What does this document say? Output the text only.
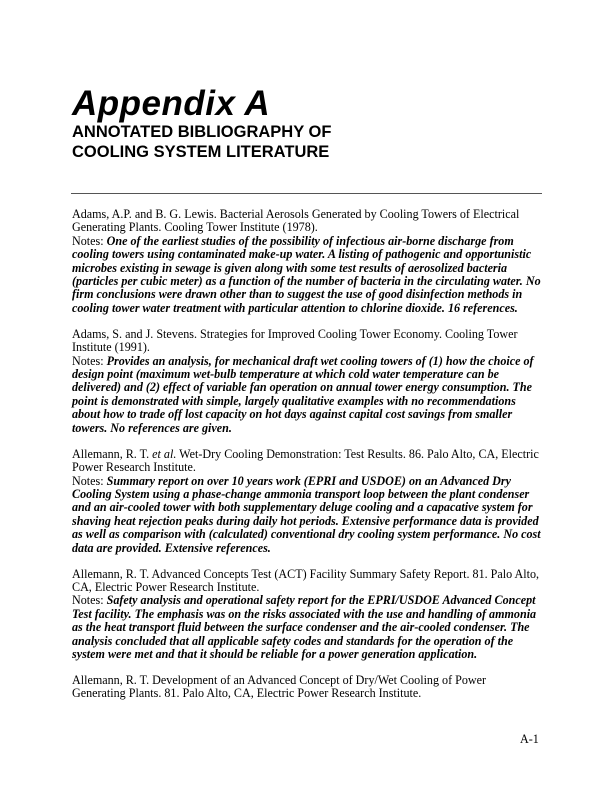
Appendix A
ANNOTATED BIBLIOGRAPHY OF
COOLING SYSTEM LITERATURE
Adams, A.P. and B. G. Lewis. Bacterial Aerosols Generated by Cooling Towers of Electrical
Generating Plants. Cooling Tower Institute (1978).
Notes: One of the earliest studies of the possibility of infectious air-borne discharge from
cooling towers using contaminated make-up water. A listing of pathogenic and opportunistic
microbes existing in sewage is given along with some test results of aerosolized bacteria
(particles per cubic meter) as a function of the number of bacteria in the circulating water. No
firm conclusions were drawn other than to suggest the use of good disinfection methods in
cooling tower water treatment with particular attention to chlorine dioxide. 16 references.
Adams, S. and J. Stevens. Strategies for Improved Cooling Tower Economy. Cooling Tower
Institute (1991).
Notes: Provides an analysis, for mechanical draft wet cooling towers of (1) how the choice of
design point (maximum wet-bulb temperature at which cold water temperature can be
delivered) and (2) effect of variable fan operation on annual tower energy consumption. The
point is demonstrated with simple, largely qualitative examples with no recommendations
about how to trade off lost capacity on hot days against capital cost savings from smaller
towers. No references are given.
Allemann, R. T. et al. Wet-Dry Cooling Demonstration: Test Results. 86. Palo Alto, CA, Electric
Power Research Institute.
Notes: Summary report on over 10 years work (EPRI and USDOE) on an Advanced Dry
Cooling System using a phase-change ammonia transport loop between the plant condenser
and an air-cooled tower with both supplementary deluge cooling and a capacative system for
shaving heat rejection peaks during daily hot periods. Extensive performance data is provided
as well as comparison with (calculated) conventional dry cooling system performance. No cost
data are provided. Extensive references.
Allemann, R. T. Advanced Concepts Test (ACT) Facility Summary Safety Report. 81. Palo Alto,
CA, Electric Power Research Institute.
Notes: Safety analysis and operational safety report for the EPRI/USDOE Advanced Concept
Test facility. The emphasis was on the risks associated with the use and handling of ammonia
as the heat transport fluid between the surface condenser and the air-cooled condenser. The
analysis concluded that all applicable safety codes and standards for the operation of the
system were met and that it should be reliable for a power generation application.
Allemann, R. T. Development of an Advanced Concept of Dry/Wet Cooling of Power
Generating Plants. 81. Palo Alto, CA, Electric Power Research Institute.
A-1
